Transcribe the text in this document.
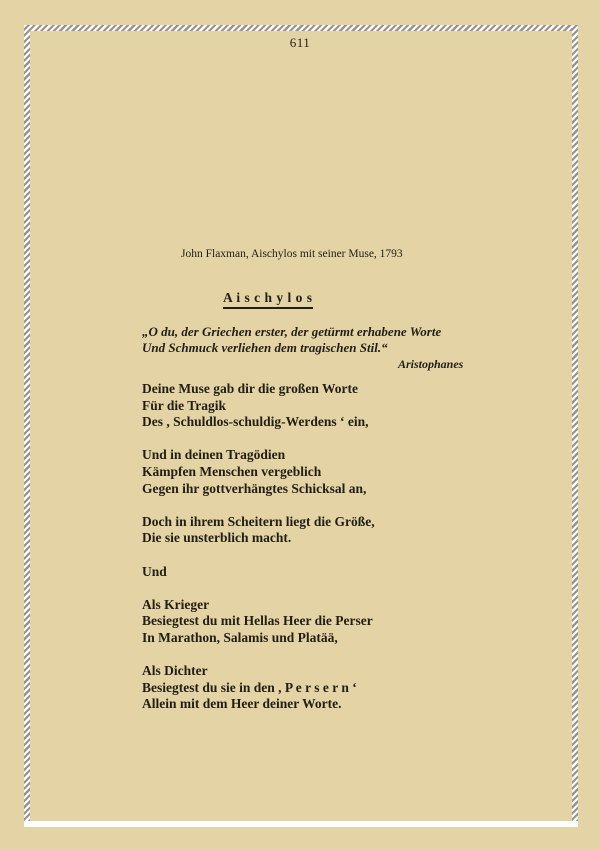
611
John Flaxman, Aischylos mit seiner Muse, 1793
A i s c h y l o s
„O du, der Griechen erster, der getürmt erhabene Worte
Und Schmuck verliehen dem tragischen Stil.“
Aristophanes
Deine Muse gab dir die großen Worte
Für die Tragik
Des , Schuldlos-schuldig-Werdens ‘ ein,
Und in deinen Tragödien
Kämpfen Menschen vergeblich
Gegen ihr gottverhängtes Schicksal an,
Doch in ihrem Scheitern liegt die Größe,
Die sie unsterblich macht.
Und
Als Krieger
Besiegtest du mit Hellas Heer die Perser
In Marathon, Salamis und Platää,
Als Dichter
Besiegtest du sie in den , P e r s e r n ‘
Allein mit dem Heer deiner Worte.
